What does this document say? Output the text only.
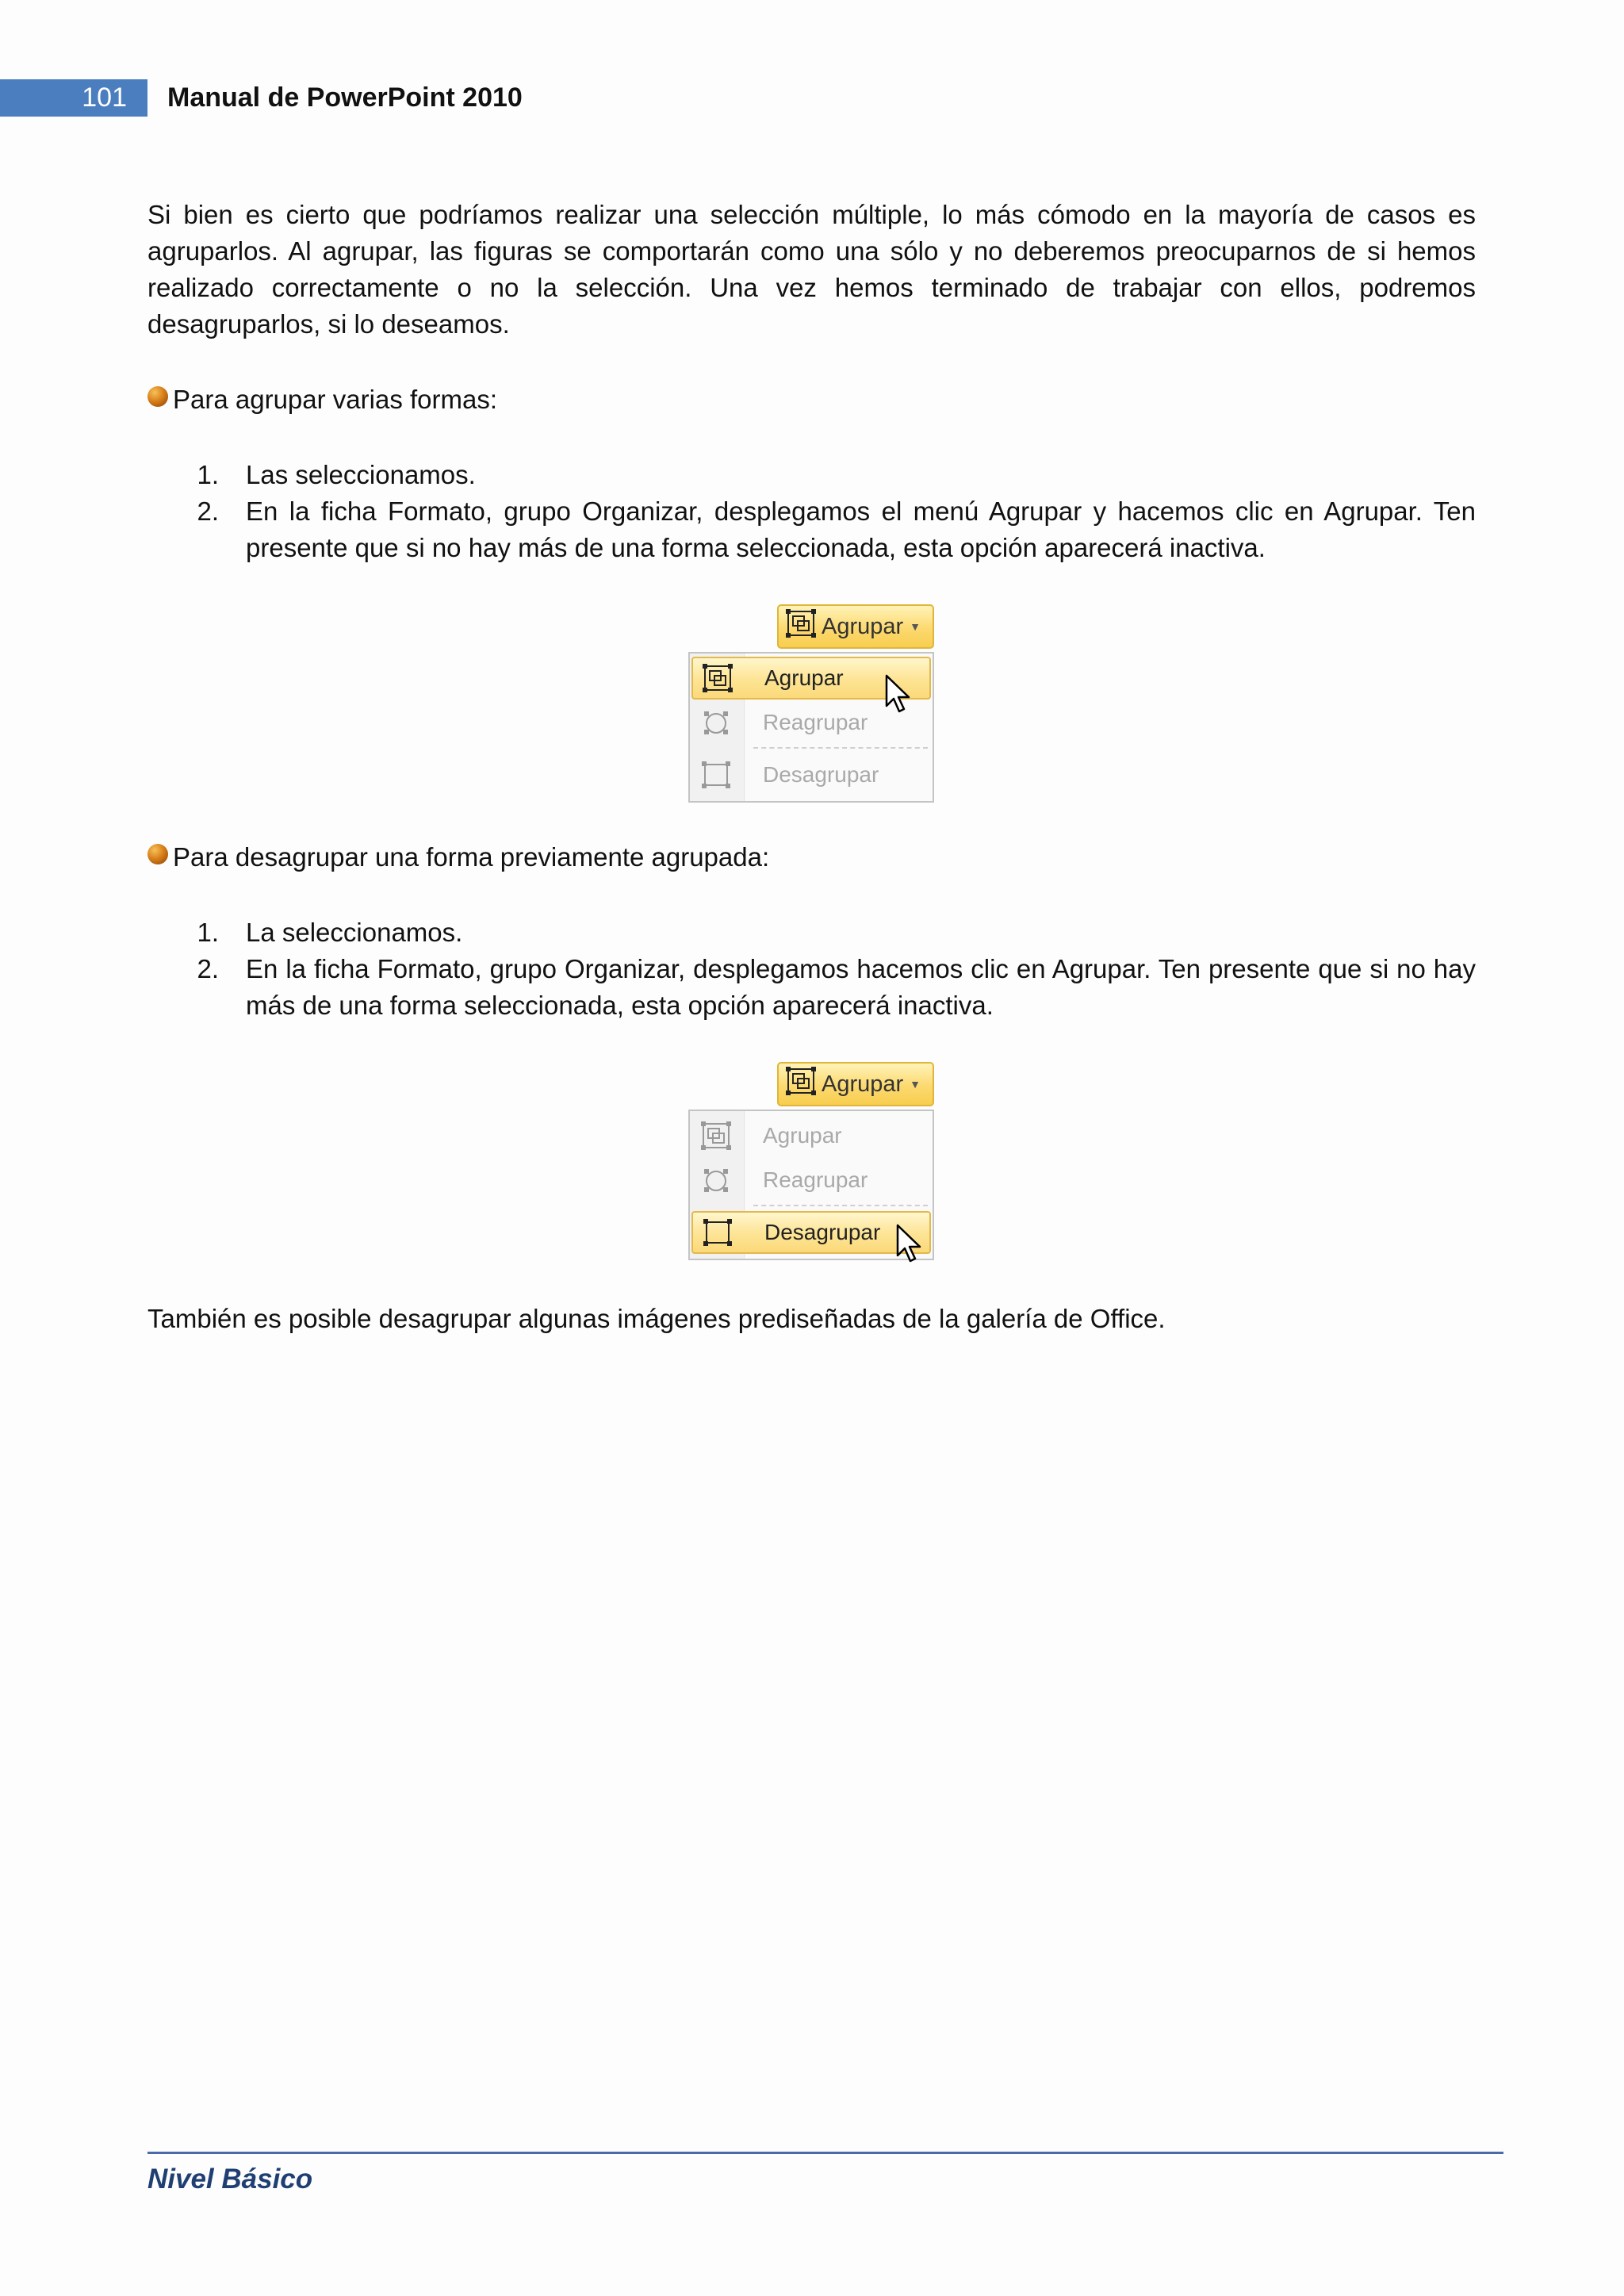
101	Manual de PowerPoint 2010
Si bien es cierto que podríamos realizar una selección múltiple, lo más cómodo en la mayoría de casos es agruparlos. Al agrupar, las figuras se comportarán como una sólo y no deberemos preocuparnos de si hemos realizado correctamente o no la selección. Una vez hemos terminado de trabajar con ellos, podremos desagruparlos, si lo deseamos.
Para agrupar varias formas:
1.	Las seleccionamos.
2.	En la ficha Formato, grupo Organizar, desplegamos el menú Agrupar y hacemos clic en Agrupar. Ten presente que si no hay más de una forma seleccionada, esta opción aparecerá inactiva.
Agrupar ▼
Agrupar
Reagrupar
Desagrupar
Para desagrupar una forma previamente agrupada:
1.	La seleccionamos.
2.	En la ficha Formato, grupo Organizar, desplegamos hacemos clic en Agrupar. Ten presente que si no hay más de una forma seleccionada, esta opción aparecerá inactiva.
Agrupar ▼
Agrupar
Reagrupar
Desagrupar
También es posible desagrupar algunas imágenes prediseñadas de la galería de Office.
Nivel Básico
